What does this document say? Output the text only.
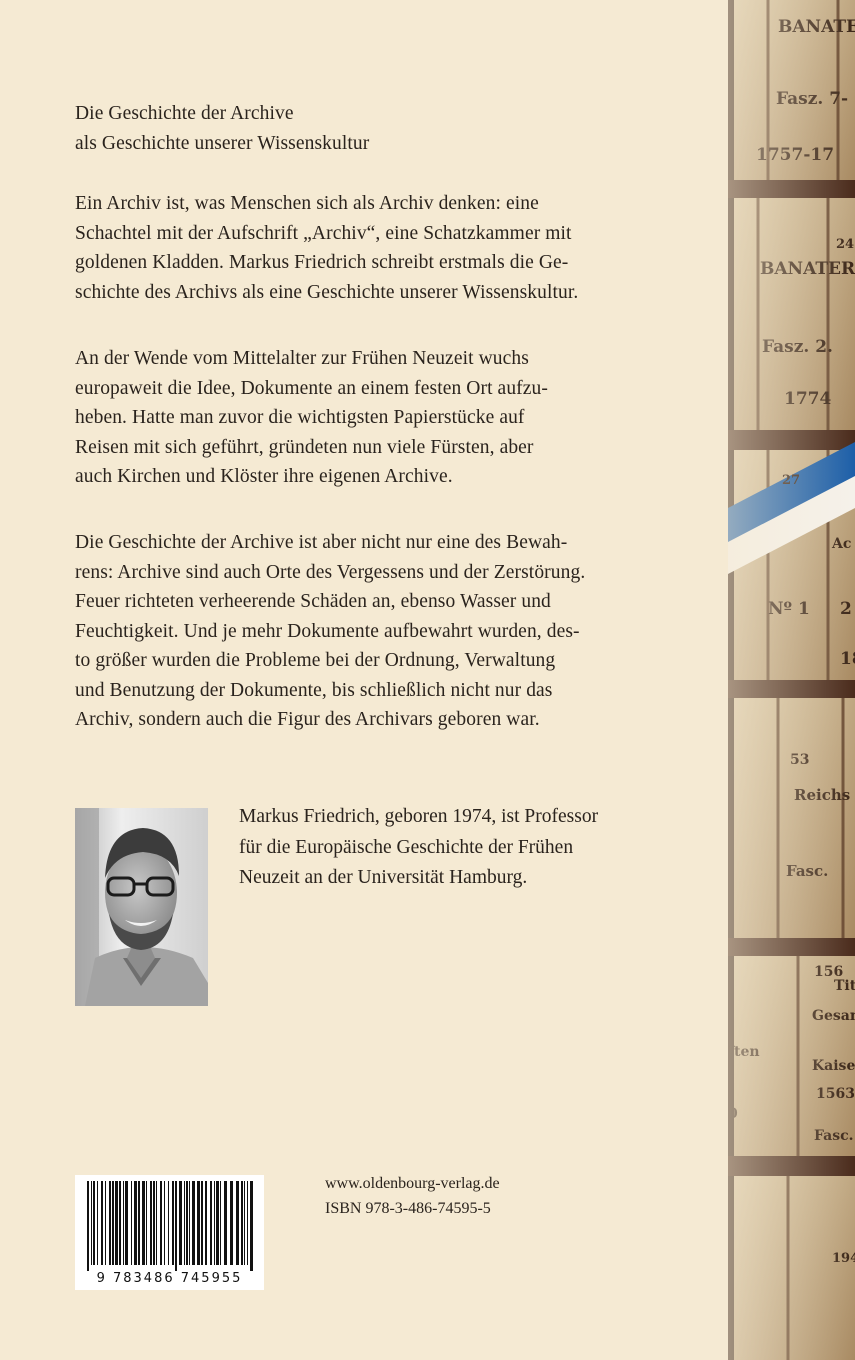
Die Geschichte der Archive

als Geschichte unserer Wissenskultur

Ein Archiv ist, was Menschen sich als Archiv denken: eine

Schachtel mit der Aufschrift „Archiv“, eine Schatzkammer mit

goldenen Kladden. Markus Friedrich schreibt erstmals die Ge-

schichte des Archivs als eine Geschichte unserer Wissenskultur.

An der Wende vom Mittelalter zur Frühen Neuzeit wuchs

europaweit die Idee, Dokumente an einem festen Ort aufzu-

heben. Hatte man zuvor die wichtigsten Papierstücke auf

Reisen mit sich geführt, gründeten nun viele Fürsten, aber

auch Kirchen und Klöster ihre eigenen Archive.

Die Geschichte der Archive ist aber nicht nur eine des Bewah-

rens: Archive sind auch Orte des Vergessens und der Zerstörung.

Feuer richteten verheerende Schäden an, ebenso Wasser und

Feuchtigkeit. Und je mehr Dokumente aufbewahrt wurden, des-

to größer wurden die Probleme bei der Ordnung, Verwaltung

und Benutzung der Dokumente, bis schließlich nicht nur das

Archiv, sondern auch die Figur des Archivars geboren war.

Markus Friedrich, geboren 1974, ist Professor

für die Europäische Geschichte der Frühen

Neuzeit an der Universität Hamburg.

9 783486 745955
www.oldenbourg-verlag.de
ISBN 978-3-486-74595-5
